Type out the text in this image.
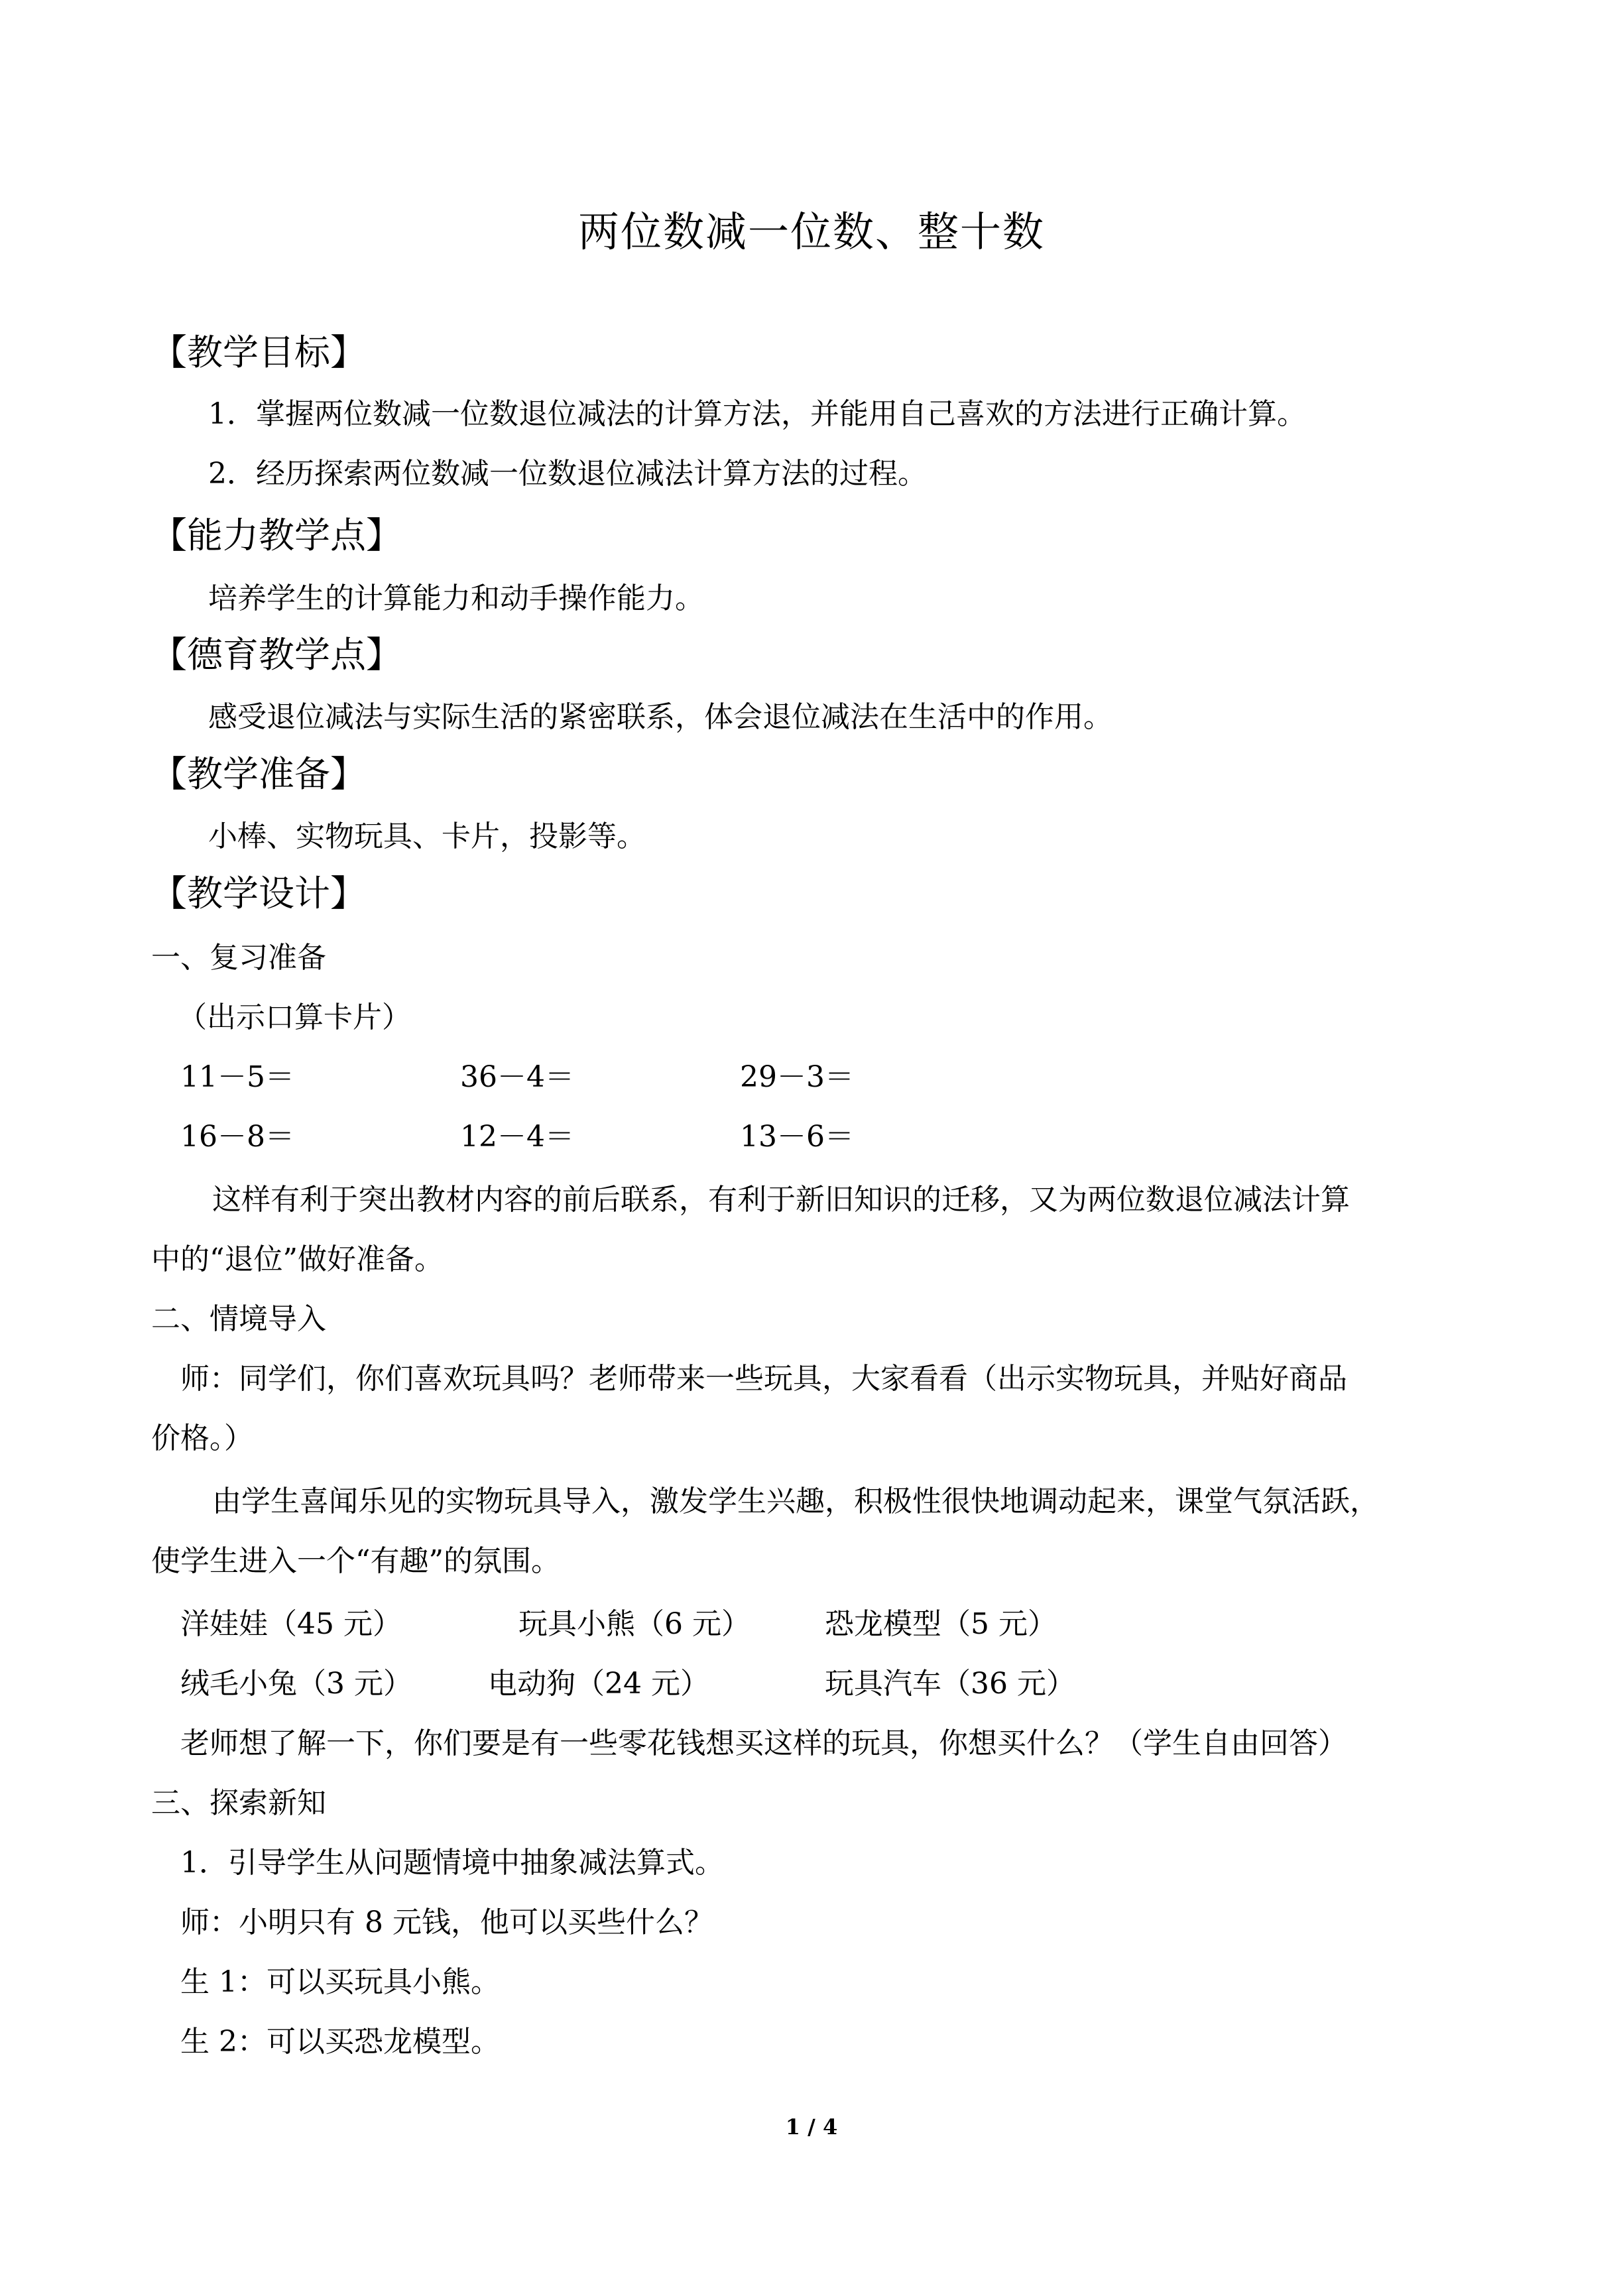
两位数减一位数、整十数
【教学目标】
1．掌握两位数减一位数退位减法的计算方法，并能用自己喜欢的方法进行正确计算。
2．经历探索两位数减一位数退位减法计算方法的过程。
【能力教学点】
培养学生的计算能力和动手操作能力。
【德育教学点】
感受退位减法与实际生活的紧密联系，体会退位减法在生活中的作用。
【教学准备】
小棒、实物玩具、卡片，投影等。
【教学设计】
一、复习准备
（出示口算卡片）
11－5＝	36－4＝	29－3＝
16－8＝	12－4＝	13－6＝
这样有利于突出教材内容的前后联系，有利于新旧知识的迁移，又为两位数退位减法计算
中的“退位”做好准备。
二、情境导入
师：同学们，你们喜欢玩具吗？老师带来一些玩具，大家看看（出示实物玩具，并贴好商品
价格。）
由学生喜闻乐见的实物玩具导入，激发学生兴趣，积极性很快地调动起来，课堂气氛活跃，
使学生进入一个“有趣”的氛围。
洋娃娃（45 元）	玩具小熊（6 元）	恐龙模型（5 元）
绒毛小兔（3 元）	电动狗（24 元）	玩具汽车（36 元）
老师想了解一下，你们要是有一些零花钱想买这样的玩具，你想买什么？（学生自由回答）
三、探索新知
1．引导学生从问题情境中抽象减法算式。
师：小明只有 8 元钱，他可以买些什么？
生 1：可以买玩具小熊。
生 2：可以买恐龙模型。
1 / 4
